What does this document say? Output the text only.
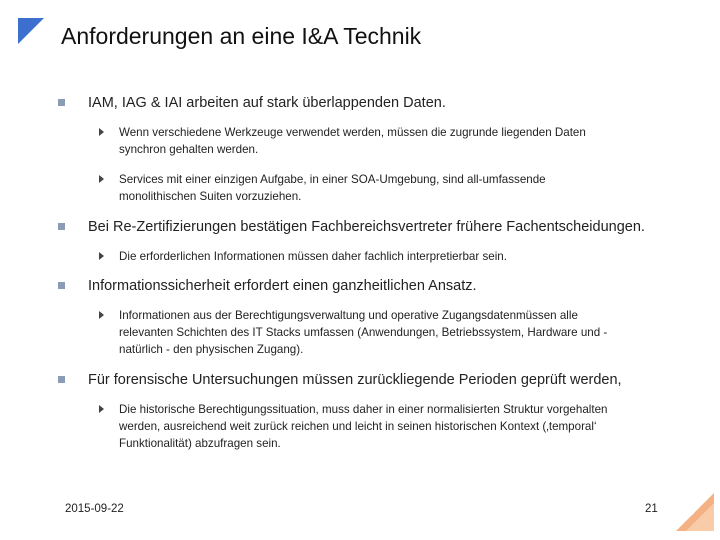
Anforderungen an eine I&A Technik
IAM, IAG & IAI arbeiten auf stark überlappenden Daten.
Wenn verschiedene Werkzeuge verwendet werden, müssen die zugrunde liegenden Daten
synchron gehalten werden.
Services mit einer einzigen Aufgabe, in einer SOA-Umgebung, sind all-umfassende
monolithischen Suiten vorzuziehen.
Bei Re-Zertifizierungen bestätigen Fachbereichsvertreter frühere Fachentscheidungen.
Die erforderlichen Informationen müssen daher fachlich interpretierbar sein.
Informationssicherheit erfordert einen ganzheitlichen Ansatz.
Informationen aus der Berechtigungsverwaltung und operative Zugangsdatenmüssen alle
relevanten Schichten des IT Stacks umfassen (Anwendungen, Betriebssystem, Hardware und -
natürlich - den physischen Zugang).
Für forensische Untersuchungen müssen zurückliegende Perioden geprüft werden,
Die historische Berechtigungssituation, muss daher in einer normalisierten Struktur vorgehalten
werden, ausreichend weit zurück reichen und leicht in seinen historischen Kontext (‚temporal‘
Funktionalität) abzufragen sein.
2015-09-22	21	SIG
